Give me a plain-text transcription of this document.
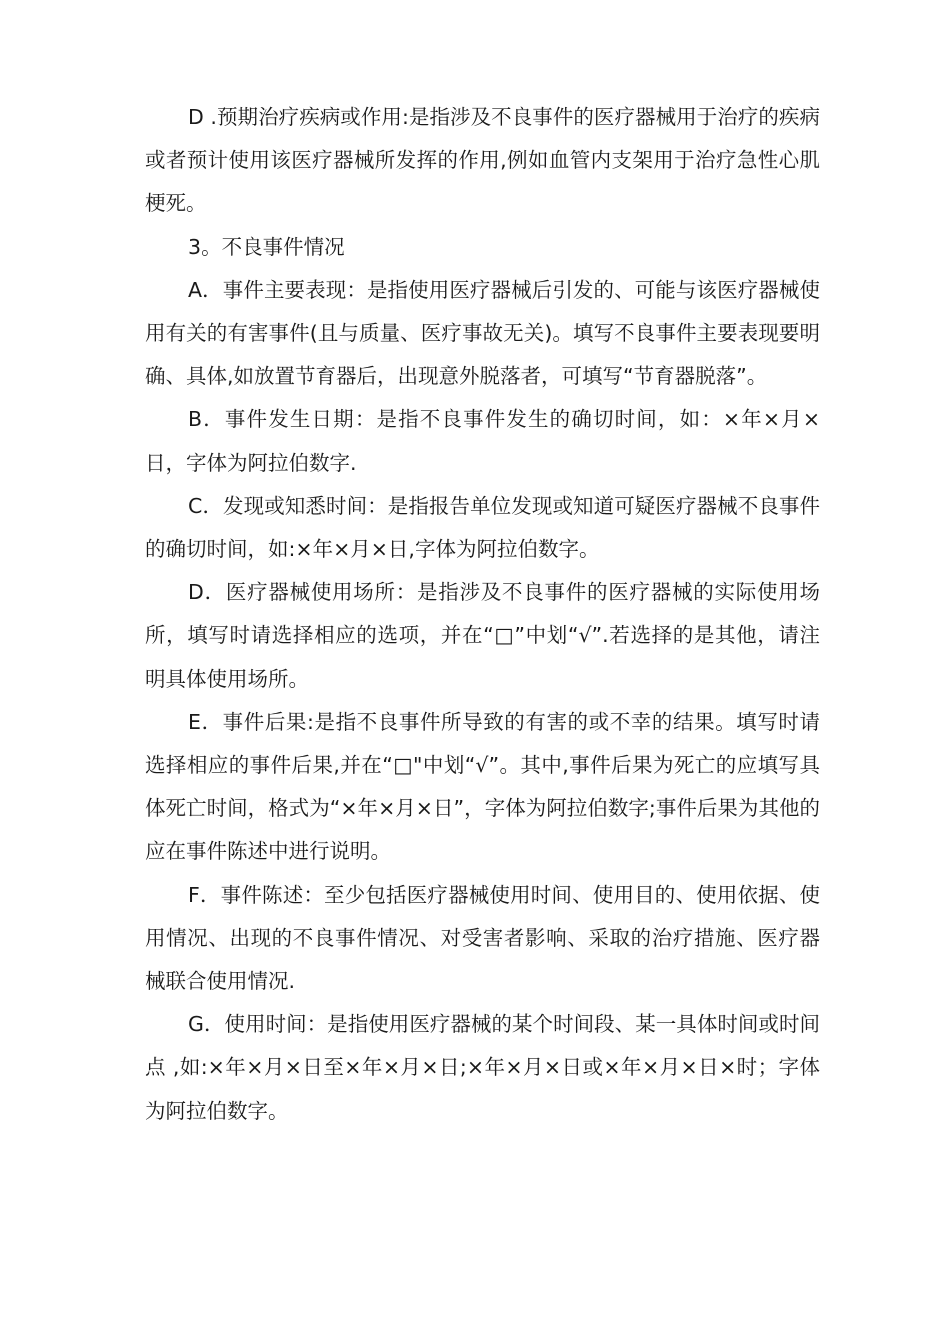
D .预期治疗疾病或作用:是指涉及不良事件的医疗器械用于治疗的疾病或者预计使用该医疗器械所发挥的作用,例如血管内支架用于治疗急性心肌梗死。

3。不良事件情况

A．事件主要表现：是指使用医疗器械后引发的、可能与该医疗器械使用有关的有害事件(且与质量、医疗事故无关)。填写不良事件主要表现要明确、具体,如放置节育器后，出现意外脱落者，可填写“节育器脱落”。

B．事件发生日期：是指不良事件发生的确切时间，如：×年×月×日，字体为阿拉伯数字.

C．发现或知悉时间：是指报告单位发现或知道可疑医疗器械不良事件的确切时间，如:×年×月×日,字体为阿拉伯数字。

D．医疗器械使用场所：是指涉及不良事件的医疗器械的实际使用场所，填写时请选择相应的选项，并在“□”中划“√”.若选择的是其他，请注明具体使用场所。

E．事件后果:是指不良事件所导致的有害的或不幸的结果。填写时请选择相应的事件后果,并在“□"中划“√”。其中,事件后果为死亡的应填写具体死亡时间，格式为“×年×月×日”，字体为阿拉伯数字;事件后果为其他的应在事件陈述中进行说明。

F．事件陈述：至少包括医疗器械使用时间、使用目的、使用依据、使用情况、出现的不良事件情况、对受害者影响、采取的治疗措施、医疗器械联合使用情况.

G．使用时间：是指使用医疗器械的某个时间段、某一具体时间或时间点 ,如:×年×月×日至×年×月×日;×年×月×日或×年×月×日×时；字体为阿拉伯数字。
